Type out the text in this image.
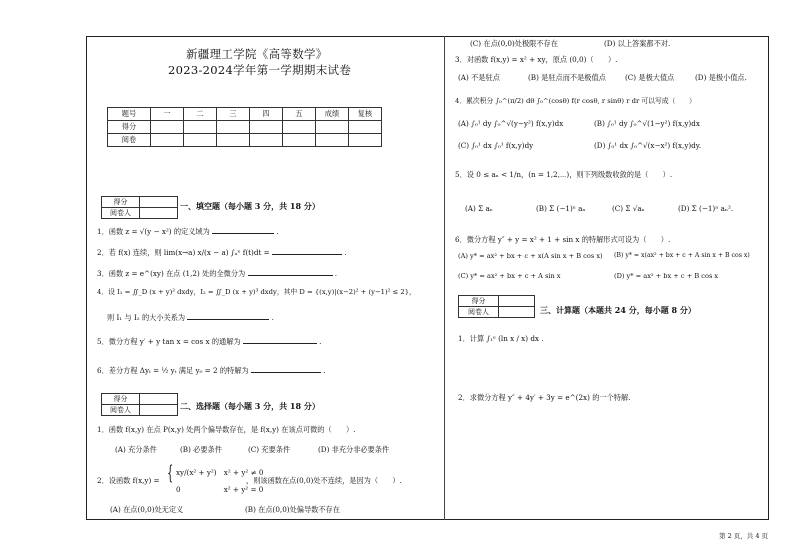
新疆理工学院《高等数学》
2023-2024学年第一学期期末试卷
题号	一	二	三	四	五	成绩	复核
得分							
阅卷							
得分	
阅卷人	
一、填空题（每小题 3 分，共 18 分）
1．函数 z = √(y − x²) 的定义域为	.
2．若 f(x) 连续，则 lim(x→a) x/(x − a) ∫ₐˣ f(t)dt =	.
3．函数 z = e^(xy) 在点 (1,2) 处的全微分为	.
4．设 I₁ = ∬_D (x + y)² dxdy，I₂ = ∬_D (x + y)³ dxdy，其中 D = {(x,y)|(x−2)² + (y−1)² ≤ 2}，
则 I₁ 与 I₂ 的大小关系为	.
5．微分方程 y′ + y tan x = cos x 的通解为	.
6．差分方程 Δyₜ = ½ yₜ 满足 y₀ = 2 的特解为	.
得分	
阅卷人		二、选择题（每小题 3 分，共 18 分）
1．函数 f(x,y) 在点 P(x,y) 处两个偏导数存在，是 f(x,y) 在该点可微的（　　）.
(A) 充分条件	(B) 必要条件	(C) 充要条件	(D) 非充分非必要条件
2．设函数 f(x,y) = { xy/(x² + y²)　x² + y² ≠ 0
0　　　　　　x² + y² = 0
，则该函数在点(0,0)处不连续，是因为（　　）.
(A) 在点(0,0)处无定义	(B) 在点(0,0)处偏导数不存在
(C) 在点(0,0)处极限不存在	(D) 以上答案都不对.
3．对函数 f(x,y) = x² + xy，原点 (0,0)（　　）.
(A) 不是驻点	(B) 是驻点而不是极值点	(C) 是极大值点	(D) 是极小值点.
4．累次积分 ∫₀^(π/2) dθ ∫₀^(cosθ) f(r cosθ, r sinθ) r dr 可以写成（　　）
(A) ∫₀¹ dy ∫₀^√(y−y²) f(x,y)dx	(B) ∫₀¹ dy ∫₀^√(1−y²) f(x,y)dx
(C) ∫₀¹ dx ∫₀¹ f(x,y)dy	(D) ∫₀¹ dx ∫₀^√(x−x²) f(x,y)dy.
5．设 0 ≤ aₙ < 1/n，(n = 1,2,⋯)，则下列级数收敛的是（　　）.
(A) Σ aₙ	(B) Σ (−1)ⁿ aₙ	(C) Σ √aₙ	(D) Σ (−1)ⁿ aₙ².
6．微分方程 y″ + y = x² + 1 + sin x 的特解形式可设为（　　）.
(A) y* = ax² + bx + c + x(A sin x + B cos x) (B) y* = x(ax² + bx + c + A sin x + B cos x)
(C) y* = ax² + bx + c + A sin x	(D) y* = ax² + bx + c + B cos x
得分	
阅卷人		三、计算题（本题共 24 分，每小题 8 分）
1．计算 ∫₁ᵉ (ln x / x) dx .
2．求微分方程 y″ + 4y′ + 3y = e^(2x) 的一个特解.
第 2 页，共 4 页
